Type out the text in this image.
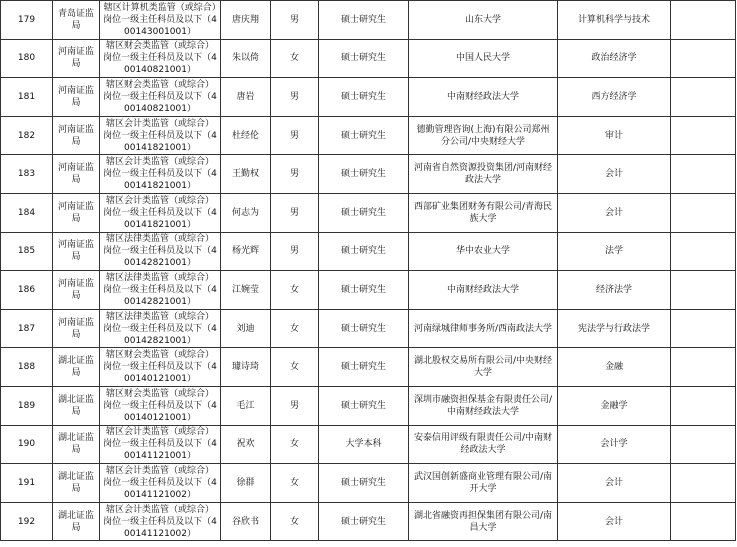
179	青岛证监局	辖区计算机类监管（或综合）岗位一级主任科员及以下（400143001001）	唐庆翔	男	硕士研究生	山东大学	计算机科学与技术	
180	河南证监局	辖区财会类监管（或综合）岗位一级主任科员及以下（400140821001）	朱以倚	女	硕士研究生	中国人民大学	政治经济学	
181	河南证监局	辖区财会类监管（或综合）岗位一级主任科员及以下（400140821001）	唐岩	男	硕士研究生	中南财经政法大学	西方经济学	
182	河南证监局	辖区会计类监管（或综合）岗位一级主任科员及以下（400141821001）	杜经伦	男	硕士研究生	德勤管理咨询(上海)有限公司郑州分公司/中央财经大学	审计	
183	河南证监局	辖区会计类监管（或综合）岗位一级主任科员及以下（400141821001）	王勤权	男	硕士研究生	河南省自然资源投资集团/河南财经政法大学	会计	
184	河南证监局	辖区会计类监管（或综合）岗位一级主任科员及以下（400141821001）	何志为	男	硕士研究生	西部矿业集团财务有限公司/青海民族大学	会计	
185	河南证监局	辖区法律类监管（或综合）岗位一级主任科员及以下（400142821001）	杨光辉	男	硕士研究生	华中农业大学	法学	
186	河南证监局	辖区法律类监管（或综合）岗位一级主任科员及以下（400142821001）	江婉莹	女	硕士研究生	中南财经政法大学	经济法学	
187	河南证监局	辖区法律类监管（或综合）岗位一级主任科员及以下（400142821001）	刘迪	女	硕士研究生	河南绿城律师事务所/西南政法大学	宪法学与行政法学	
188	湖北证监局	辖区财会类监管（或综合）岗位一级主任科员及以下（400140121001）	璩诗琦	女	硕士研究生	湖北股权交易所有限公司/中央财经大学	金融	
189	湖北证监局	辖区财会类监管（或综合）岗位一级主任科员及以下（400140121001）	毛江	男	硕士研究生	深圳市融资担保基金有限责任公司/中南财经政法大学	金融学	
190	湖北证监局	辖区会计类监管（或综合）岗位一级主任科员及以下（400141121001）	祝欢	女	大学本科	安泰信用评级有限责任公司/中南财经政法大学	会计学	
191	湖北证监局	辖区会计类监管（或综合）岗位一级主任科员及以下（400141121002）	徐群	女	硕士研究生	武汉国创新盛商业管理有限公司/南开大学	会计	
192	湖北证监局	辖区会计类监管（或综合）岗位一级主任科员及以下（400141121002）	谷欣书	女	硕士研究生	湖北省融资再担保集团有限公司/南昌大学	会计	
